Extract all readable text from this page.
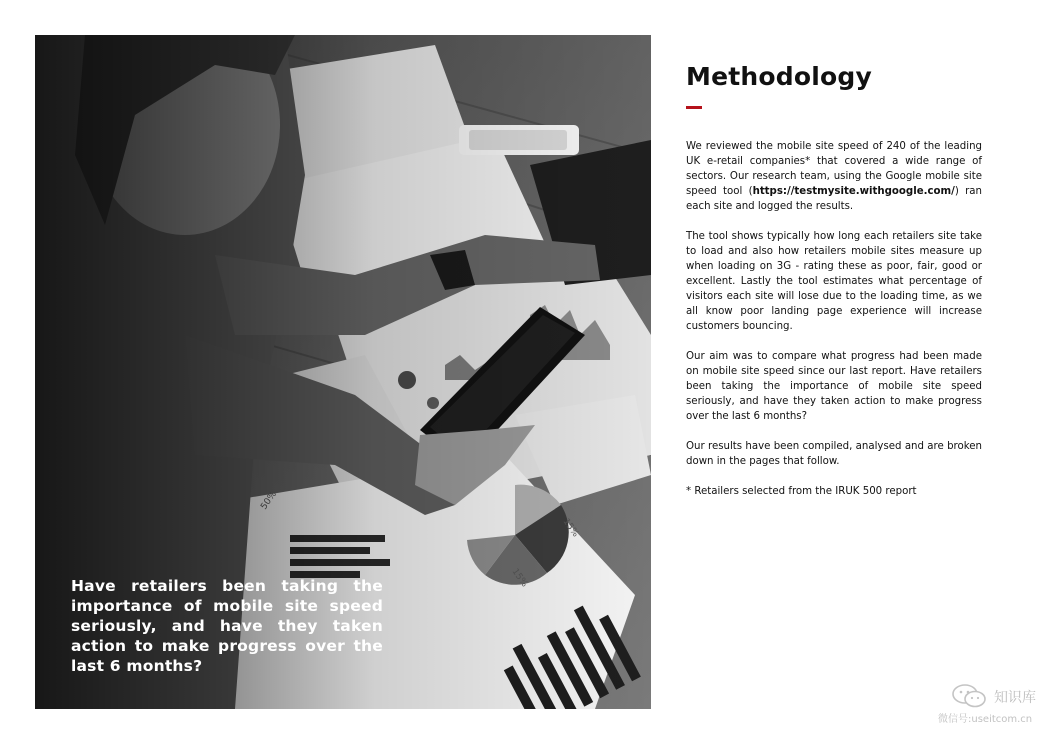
Have retailers been taking the importance of mobile site speed seriously, and have they taken action to make progress over the last 6 months?
Methodology

We reviewed the mobile site speed of 240 of the leading UK e-retail companies* that covered a wide range of sectors. Our research team, using the Google mobile site speed tool (https://testmysite.withgoogle.com/) ran each site and logged the results.

The tool shows typically how long each retailers site take to load and also how retailers mobile sites measure up when loading on 3G - rating these as poor, fair, good or excellent. Lastly the tool estimates what percentage of visitors each site will lose due to the loading time, as we all know poor landing page experience will increase customers bouncing.

Our aim was to compare what progress had been made on mobile site speed since our last report. Have retailers been taking the importance of mobile site speed seriously, and have they taken action to make progress over the last 6 months?

Our results have been compiled, analysed and are broken down in the pages that follow.

* Retailers selected from the IRUK 500 report

知识库
微信号:useitcom.cn
